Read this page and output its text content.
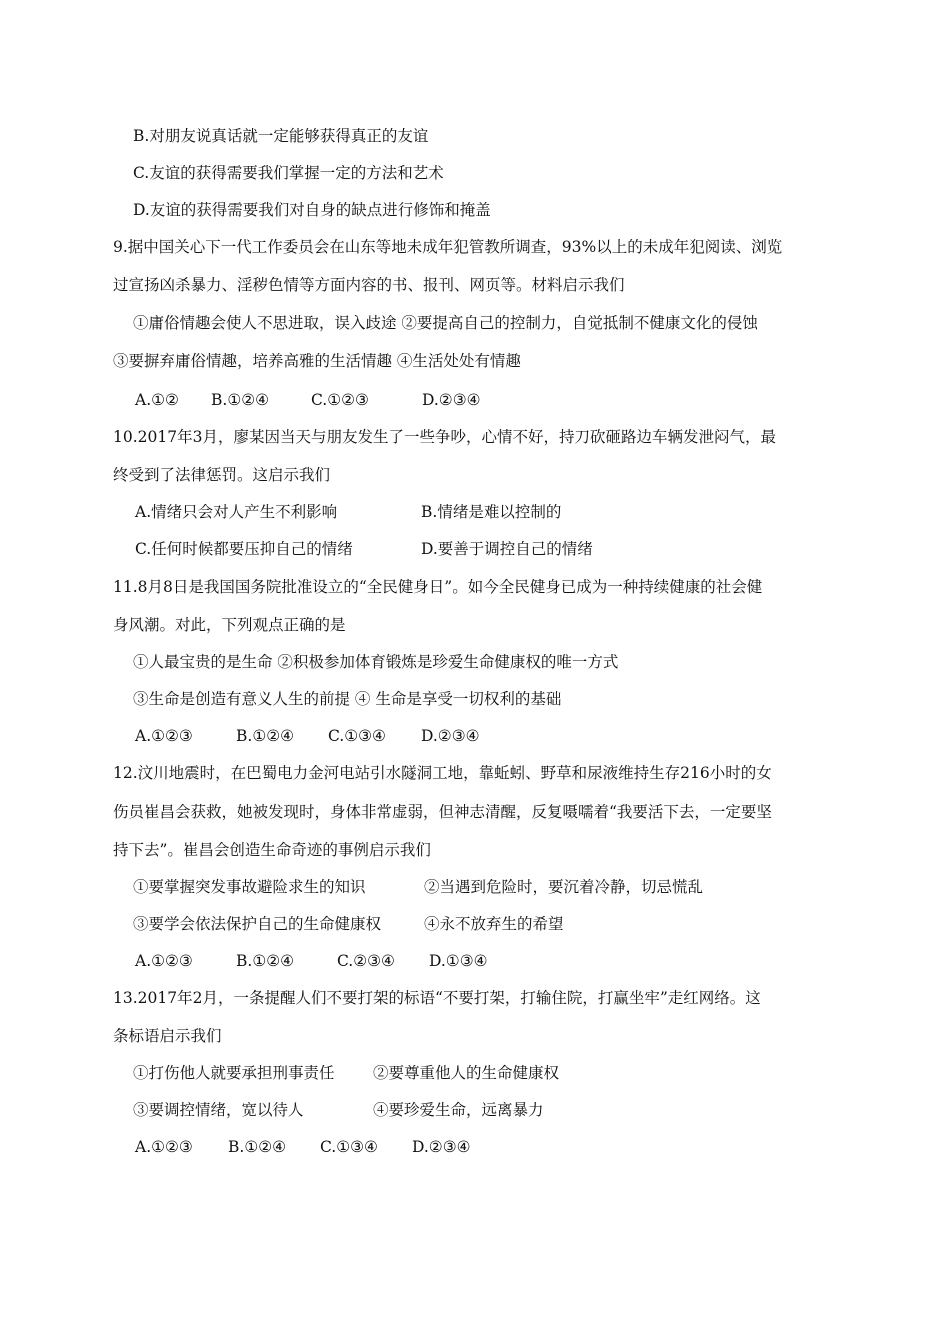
B.对朋友说真话就一定能够获得真正的友谊
C.友谊的获得需要我们掌握一定的方法和艺术
D.友谊的获得需要我们对自身的缺点进行修饰和掩盖
9.据中国关心下一代工作委员会在山东等地未成年犯管教所调查，93%以上的未成年犯阅读、浏览
过宣扬凶杀暴力、淫秽色情等方面内容的书、报刊、网页等。材料启示我们
①庸俗情趣会使人不思进取，误入歧途 ②要提高自己的控制力，自觉抵制不健康文化的侵蚀
③要摒弃庸俗情趣，培养高雅的生活情趣 ④生活处处有情趣
A.①② B.①②④	C.①②③	D.②③④
10.2017年3月，廖某因当天与朋友发生了一些争吵，心情不好，持刀砍砸路边车辆发泄闷气，最
终受到了法律惩罚。这启示我们
A.情绪只会对人产生不利影响	B.情绪是难以控制的
C.任何时候都要压抑自己的情绪	D.要善于调控自己的情绪
11.8月8日是我国国务院批准设立的“全民健身日”。如今全民健身已成为一种持续健康的社会健
身风潮。对此，下列观点正确的是
①人最宝贵的是生命 ②积极参加体育锻炼是珍爱生命健康权的唯一方式
③生命是创造有意义人生的前提 ④ 生命是享受一切权利的基础
A.①②③	B.①②④ C.①③④ D.②③④
12.汶川地震时，在巴蜀电力金河电站引水隧洞工地，靠蚯蚓、野草和尿液维持生存216小时的女
伤员崔昌会获救，她被发现时，身体非常虚弱，但神志清醒，反复嗫嚅着“我要活下去，一定要坚
持下去”。崔昌会创造生命奇迹的事例启示我们
①要掌握突发事故避险求生的知识	②当遇到危险时，要沉着冷静，切忌慌乱
③要学会依法保护自己的生命健康权	④永不放弃生的希望
A.①②③	B.①②④	C.②③④ D.①③④
13.2017年2月，一条提醒人们不要打架的标语“不要打架，打输住院，打赢坐牢”走红网络。这
条标语启示我们
①打伤他人就要承担刑事责任 ②要尊重他人的生命健康权
③要调控情绪，宽以待人	④要珍爱生命，远离暴力
A.①②③ B.①②④ C.①③④ D.②③④
